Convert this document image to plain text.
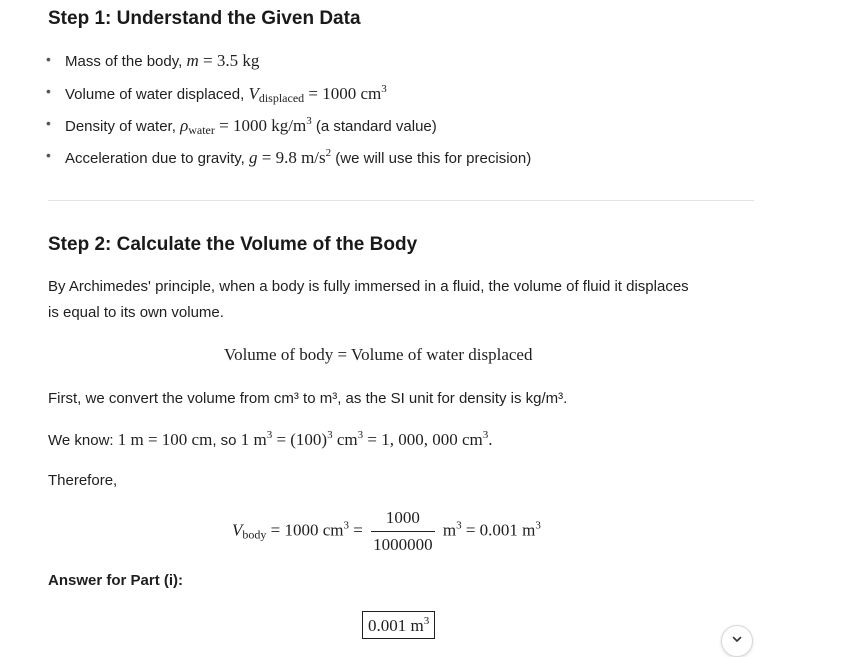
Step 1: Understand the Given Data
• Mass of the body, m = 3.5 kg
• Volume of water displaced, $V_{displaced} = 1000$ $cm^3$
• Density of water, $\rho_{water} = 1000$ $kg/m^3$ (a standard value)
• Acceleration due to gravity, g = 9.8 $m/s^2$ (we will use this for precision)
Step 2: Calculate the Volume of the Body
By Archimedes' principle, when a body is fully immersed in a fluid, the volume of fluid it displaces
is equal to its own volume.
Volume of body = Volume of water displaced
First, we convert the volume from cm³ to m³, as the SI unit for density is kg/m³.
We know: 1 m = 100 cm, so 1 $m^3 = (100)^3$ $cm^3 = 1$, 000, 000 $cm^3$.
Therefore,
$V_{body} = 1000$ $cm^3 = \frac{1000}{1000000} m^3 = 0.001$ $m^3$
Answer for Part (i):
0.001 $m^3$
